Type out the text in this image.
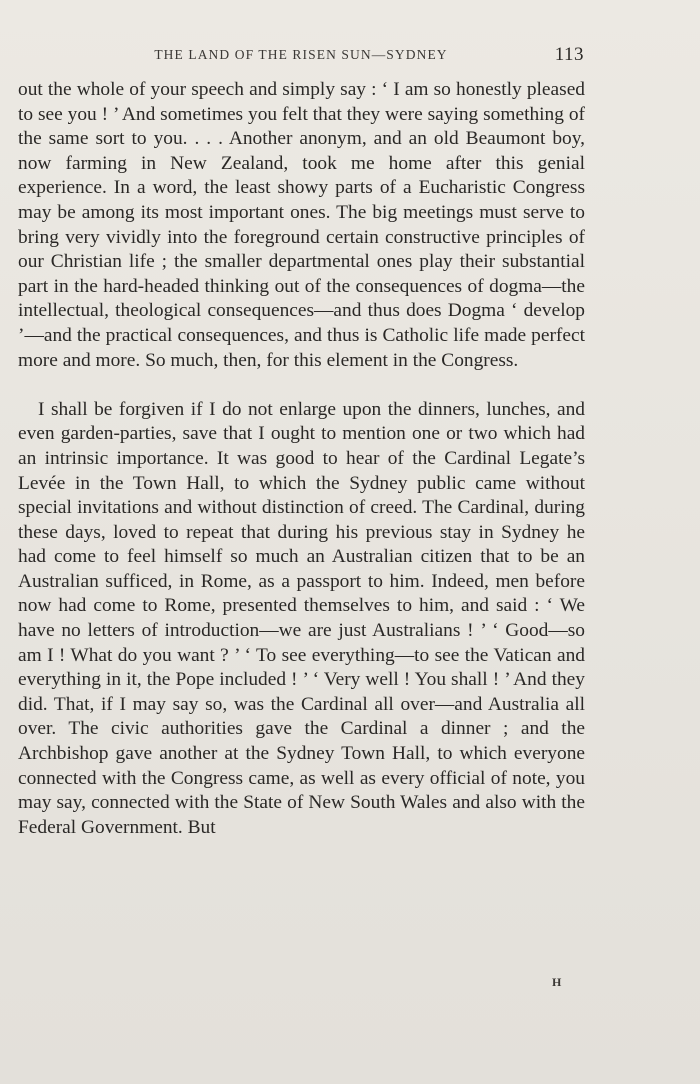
THE LAND OF THE RISEN SUN—SYDNEY	113

out the whole of your speech and simply say : ‘ I am so honestly pleased to see you ! ’ And sometimes you felt that they were saying something of the same sort to you. . . . Another anonym, and an old Beaumont boy, now farming in New Zealand, took me home after this genial experience. In a word, the least showy parts of a Eucharistic Congress may be among its most important ones. The big meetings must serve to bring very vividly into the foreground certain constructive principles of our Christian life ; the smaller departmental ones play their substantial part in the hard-headed thinking out of the consequences of dogma—the intellectual, theological consequences—and thus does Dogma ‘ develop ’—and the practical consequences, and thus is Catholic life made perfect more and more. So much, then, for this element in the Congress.

I shall be forgiven if I do not enlarge upon the dinners, lunches, and even garden-parties, save that I ought to mention one or two which had an intrinsic importance. It was good to hear of the Cardinal Legate’s Levée in the Town Hall, to which the Sydney public came without special invitations and without distinction of creed. The Cardinal, during these days, loved to repeat that during his previous stay in Sydney he had come to feel himself so much an Australian citizen that to be an Australian sufficed, in Rome, as a passport to him. Indeed, men before now had come to Rome, presented themselves to him, and said : ‘ We have no letters of introduction—we are just Australians ! ’ ‘ Good—so am I ! What do you want ? ’ ‘ To see everything—to see the Vatican and everything in it, the Pope included ! ’ ‘ Very well ! You shall ! ’ And they did. That, if I may say so, was the Cardinal all over—and Australia all over. The civic authorities gave the Cardinal a dinner ; and the Archbishop gave another at the Sydney Town Hall, to which everyone connected with the Congress came, as well as every official of note, you may say, connected with the State of New South Wales and also with the Federal Government. But

H
